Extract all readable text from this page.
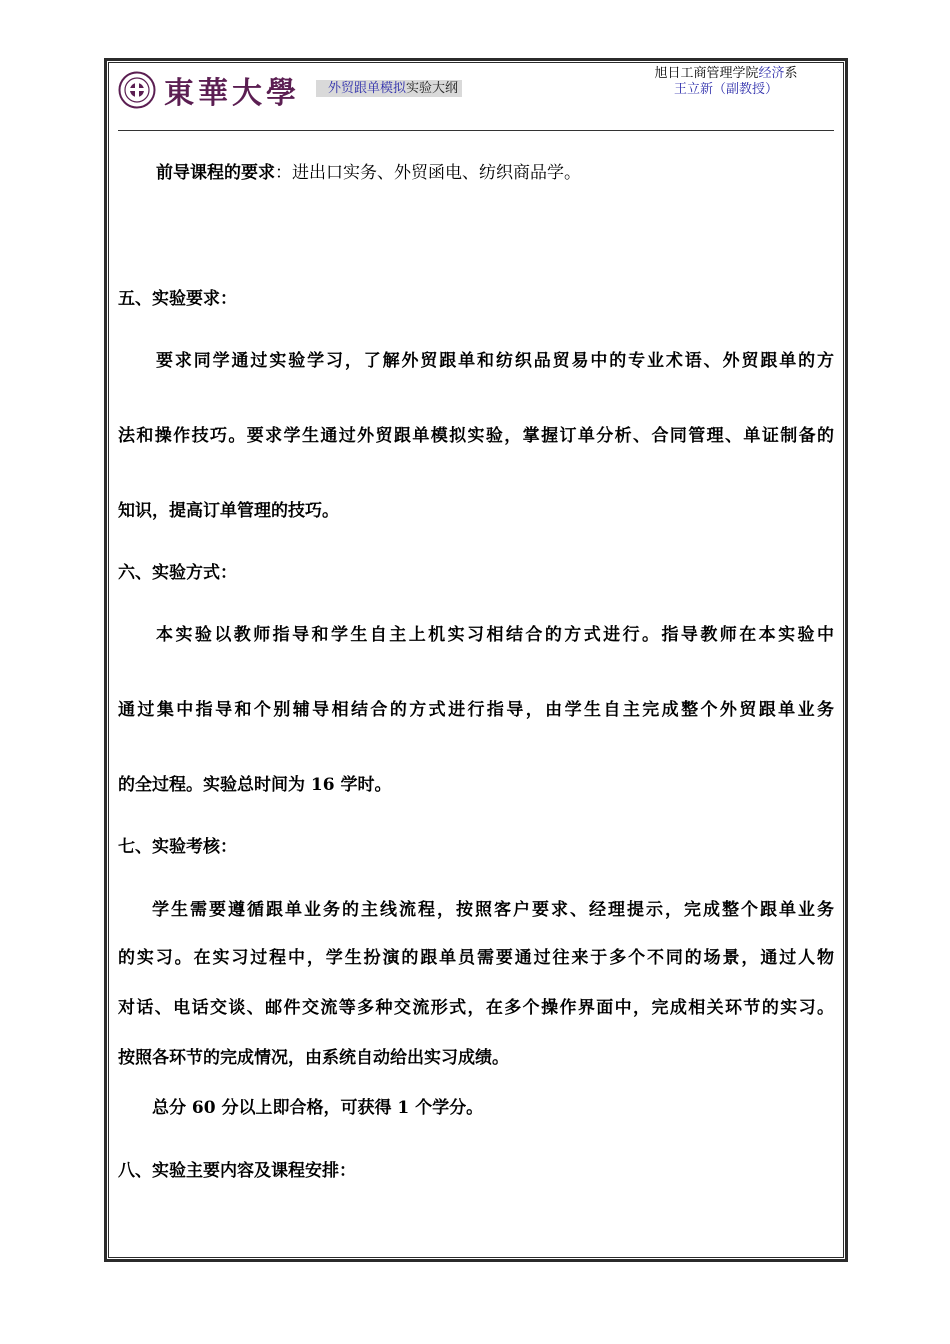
東華大學	外贸跟单模拟实验大纲
旭日工商管理学院经济系
王立新（副教授）
前导课程的要求：进出口实务、外贸函电、纺织商品学。
五、实验要求：
要求同学通过实验学习，了解外贸跟单和纺织品贸易中的专业术语、外贸跟单的方
法和操作技巧。要求学生通过外贸跟单模拟实验，掌握订单分析、合同管理、单证制备的
知识，提高订单管理的技巧。
六、实验方式：
本实验以教师指导和学生自主上机实习相结合的方式进行。指导教师在本实验中
通过集中指导和个别辅导相结合的方式进行指导，由学生自主完成整个外贸跟单业务
的全过程。实验总时间为 16 学时。
七、实验考核：
学生需要遵循跟单业务的主线流程，按照客户要求、经理提示，完成整个跟单业务
的实习。在实习过程中，学生扮演的跟单员需要通过往来于多个不同的场景，通过人物
对话、电话交谈、邮件交流等多种交流形式，在多个操作界面中，完成相关环节的实习。
按照各环节的完成情况，由系统自动给出实习成绩。
总分 60 分以上即合格，可获得 1 个学分。
八、实验主要内容及课程安排：
